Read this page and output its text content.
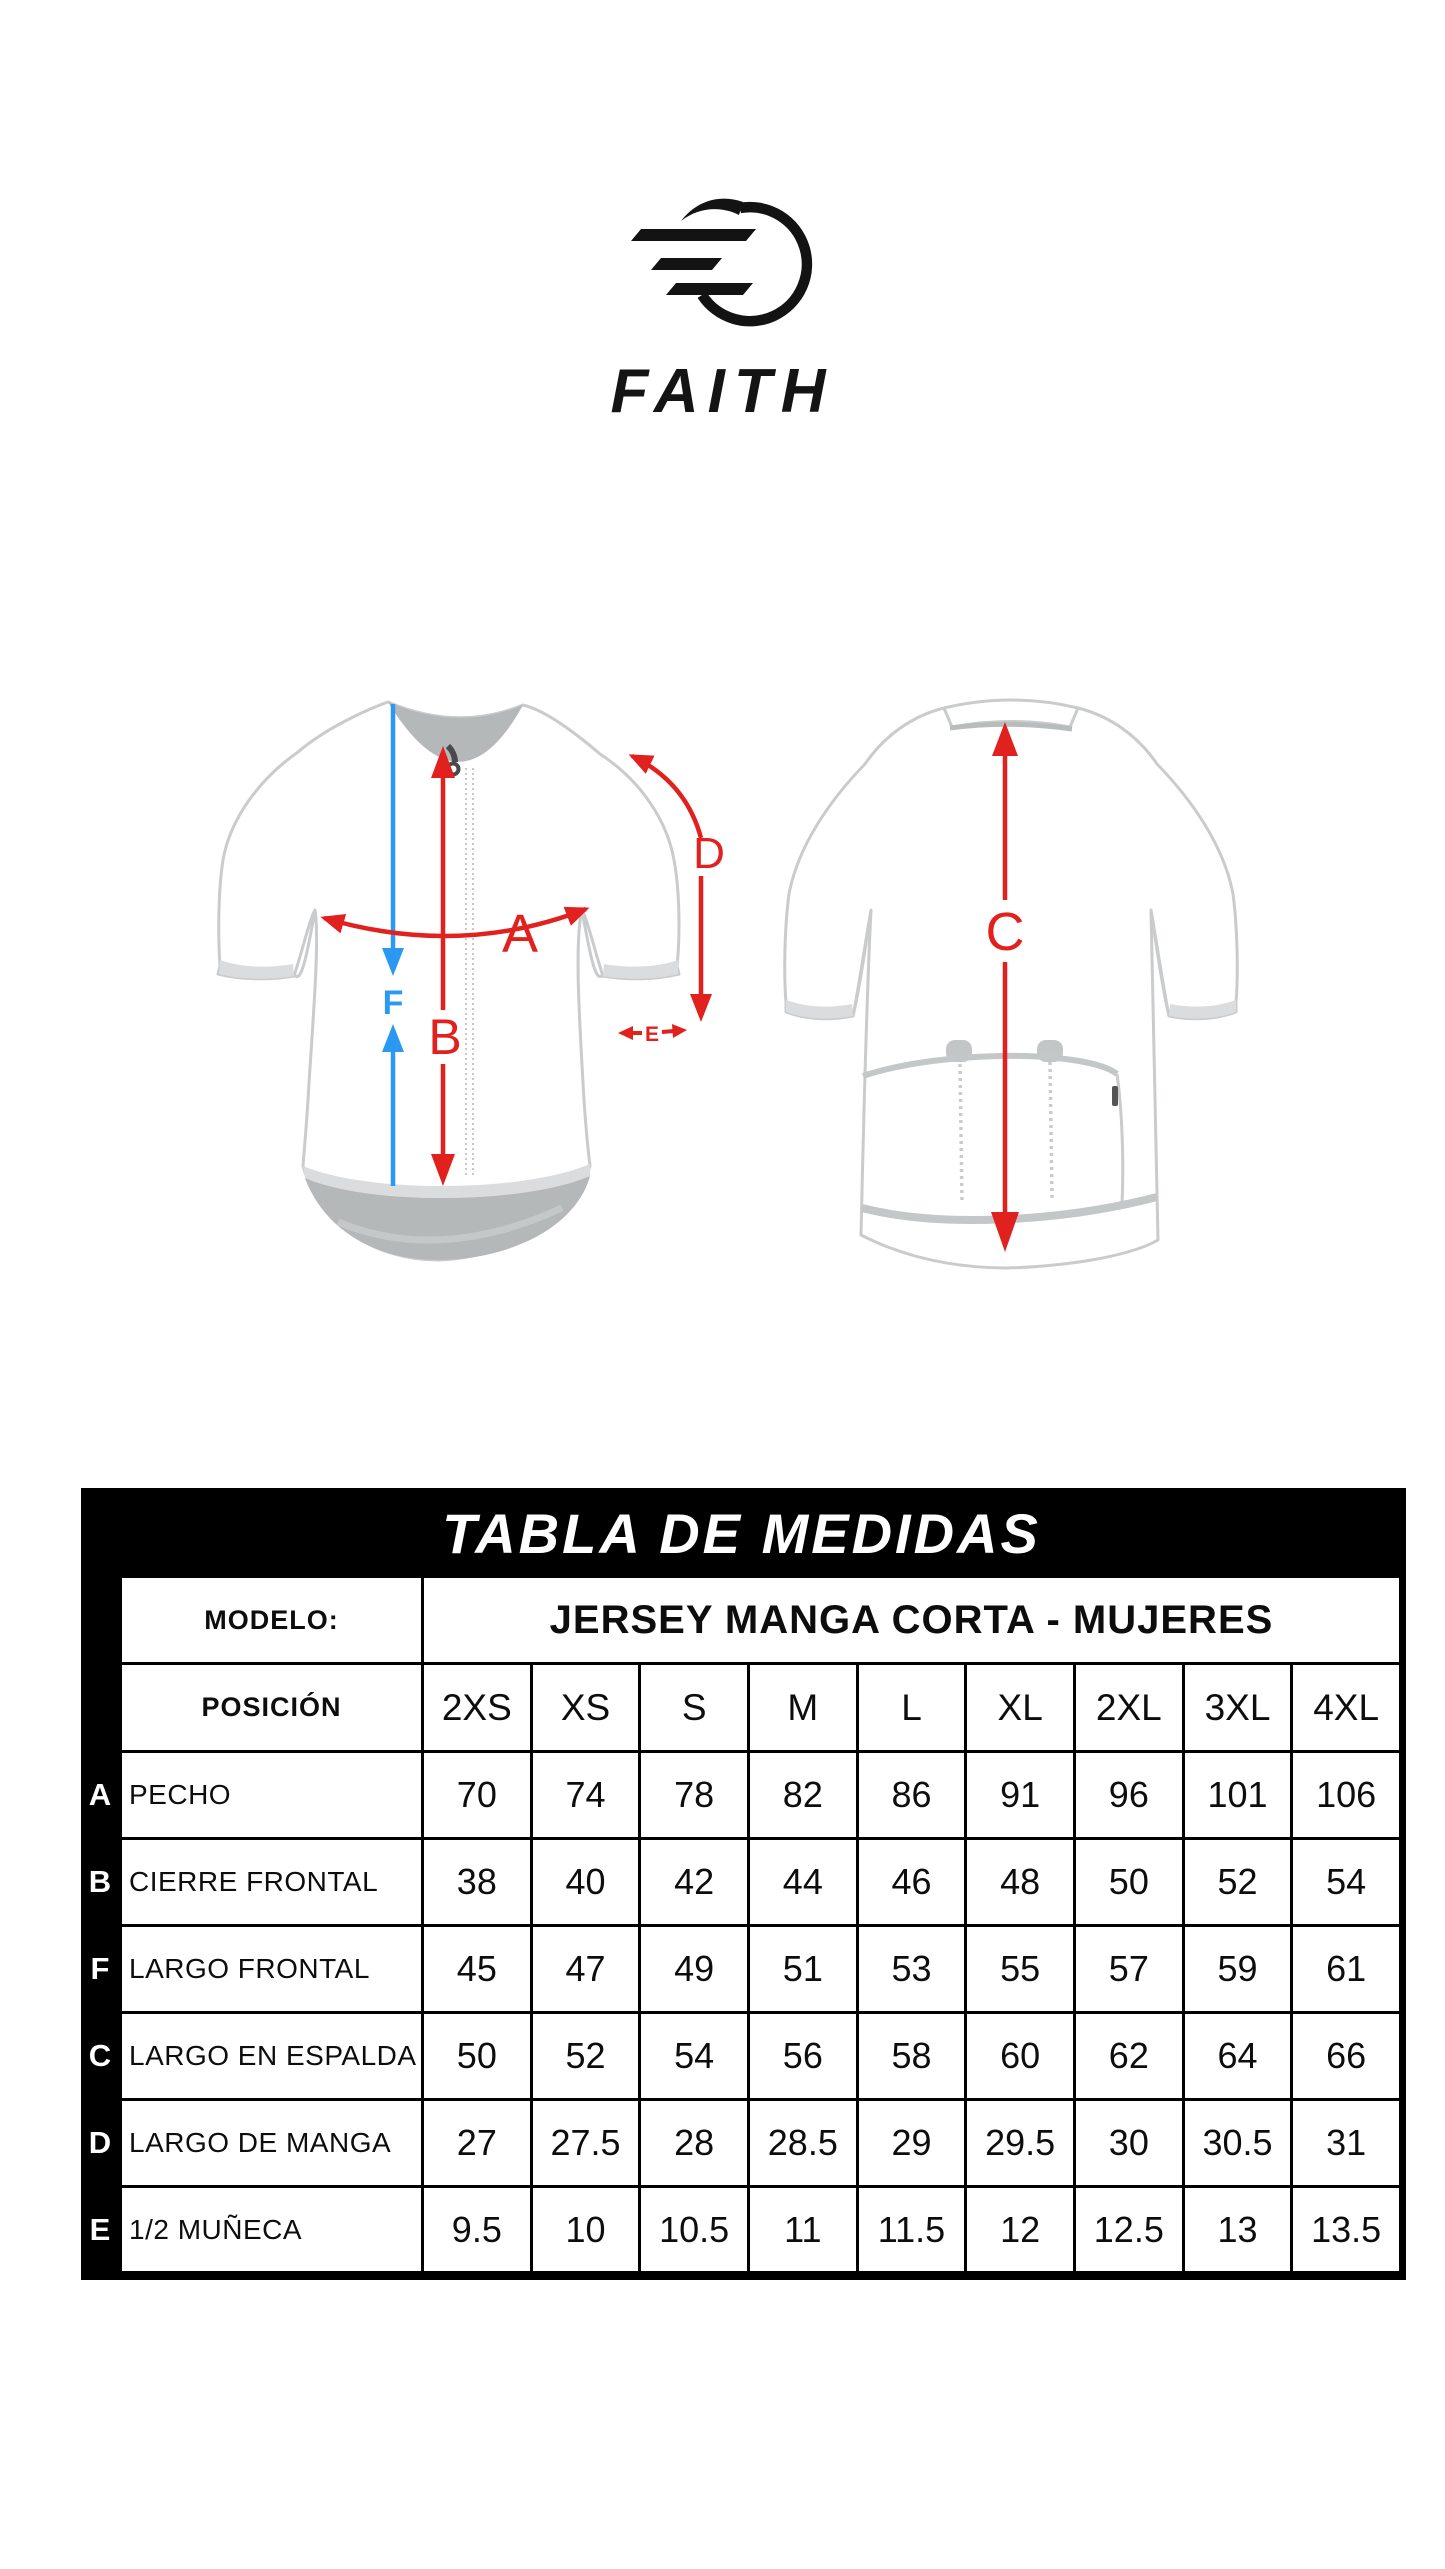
FAITH
B
F
A
D
E
C
TABLA DE MEDIDAS
MODELO:	JERSEY MANGA CORTA - MUJERES
POSICIÓN	2XS	XS	S	M	L	XL	2XL	3XL	4XL
A PECHO	70	74	78	82	86	91	96	101	106
B CIERRE FRONTAL	38	40	42	44	46	48	50	52	54
F LARGO FRONTAL	45	47	49	51	53	55	57	59	61
C LARGO EN ESPALDA	50	52	54	56	58	60	62	64	66
D LARGO DE MANGA	27	27.5	28	28.5	29	29.5	30	30.5	31
E 1/2 MUÑECA	9.5	10	10.5	11	11.5	12	12.5	13	13.5
